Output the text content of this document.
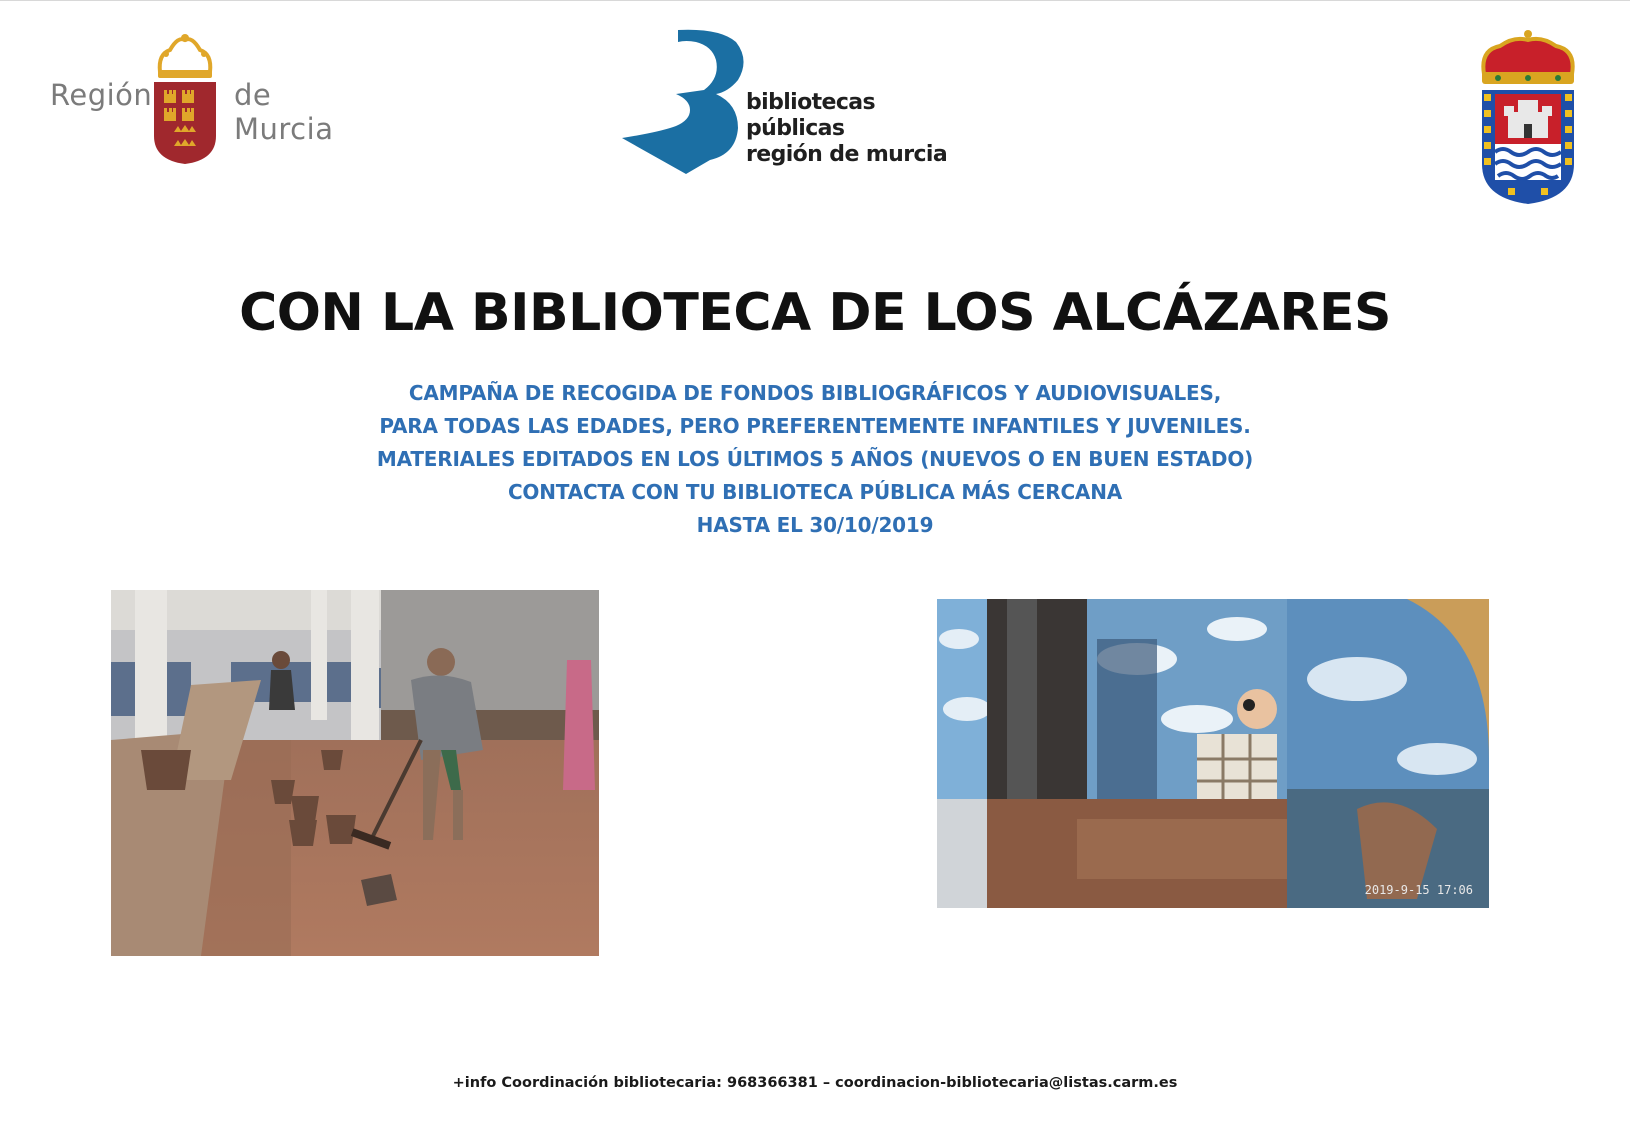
Región	de Murcia
bibliotecas públicas
región de murcia
CON LA BIBLIOTECA DE LOS ALCÁZARES
CAMPAÑA DE RECOGIDA DE FONDOS BIBLIOGRÁFICOS Y AUDIOVISUALES,
PARA TODAS LAS EDADES, PERO PREFERENTEMENTE INFANTILES Y JUVENILES.
MATERIALES EDITADOS EN LOS ÚLTIMOS 5 AÑOS (NUEVOS O EN BUEN ESTADO)
CONTACTA CON TU BIBLIOTECA PÚBLICA MÁS CERCANA
HASTA EL 30/10/2019
2019-9-15 17:06
+info Coordinación bibliotecaria: 968366381 – coordinacion-bibliotecaria@listas.carm.es
